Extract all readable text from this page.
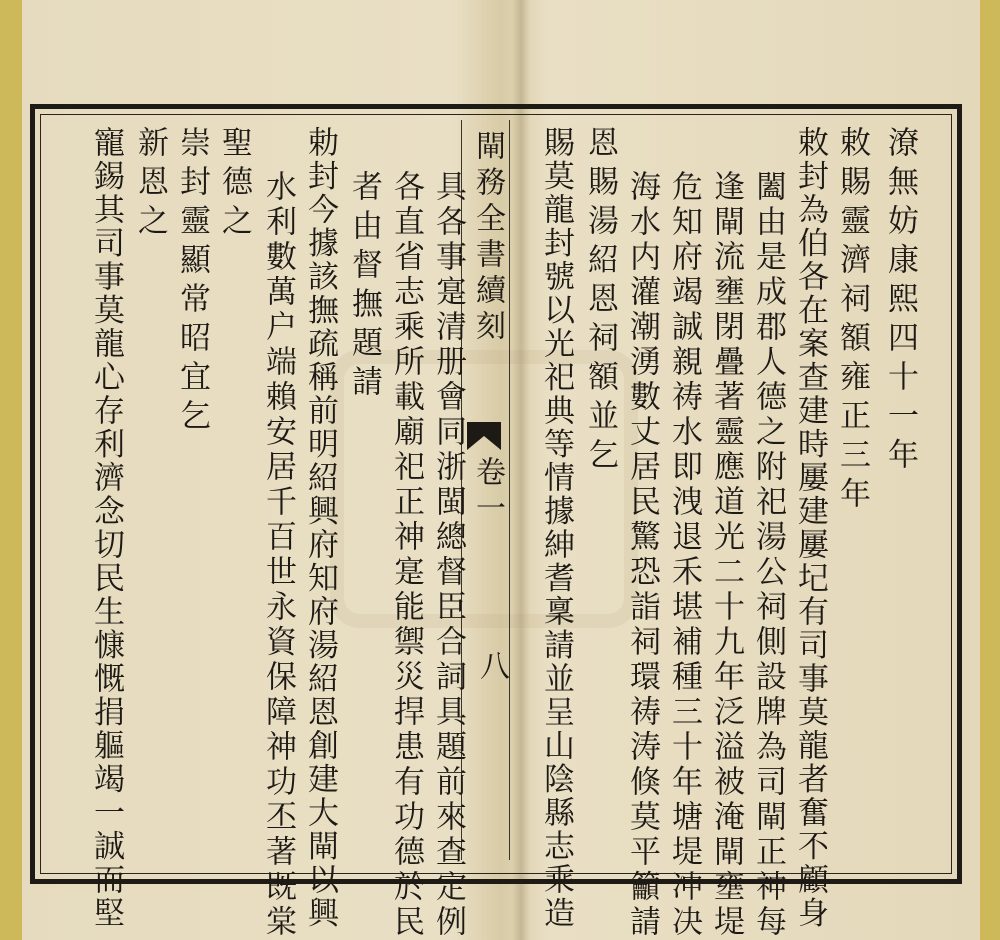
閘務全書續刻
卷一
八
潦無妨康熙四十一年
敕賜靈濟祠額雍正三年
敕封為伯各在案查建時屢建屢圮有司事莫龍者奮不顧身
闔由是成郡人德之附祀湯公祠側設牌為司閘正神每
逢閘流壅閉疊著靈應道光二十九年泛溢被淹閘壅堤
危知府竭誠親祷水即洩退禾堪補種三十年塘堤冲决
海水内灌潮湧數丈居民驚恐詣祠環祷涛倏莫平籲請
恩賜湯紹恩祠額並乞
賜莫龍封號以光祀典等情據紳耆稟請並呈山陰縣志乘造
具各事寔清册會同浙閩總督臣合詞具題前來查定例
各直省志乘所載廟祀正神寔能禦災捍患有功德於民
者由督撫題請
勅封今據該撫疏稱前明紹興府知府湯紹恩創建大閘以興
水利數萬户端賴安居千百世永資保障神功丕著既棠
聖德之
崇封靈顯常昭宜乞
新恩之
寵錫其司事莫龍心存利濟念切民生慷慨捐軀竭一誠而堅
